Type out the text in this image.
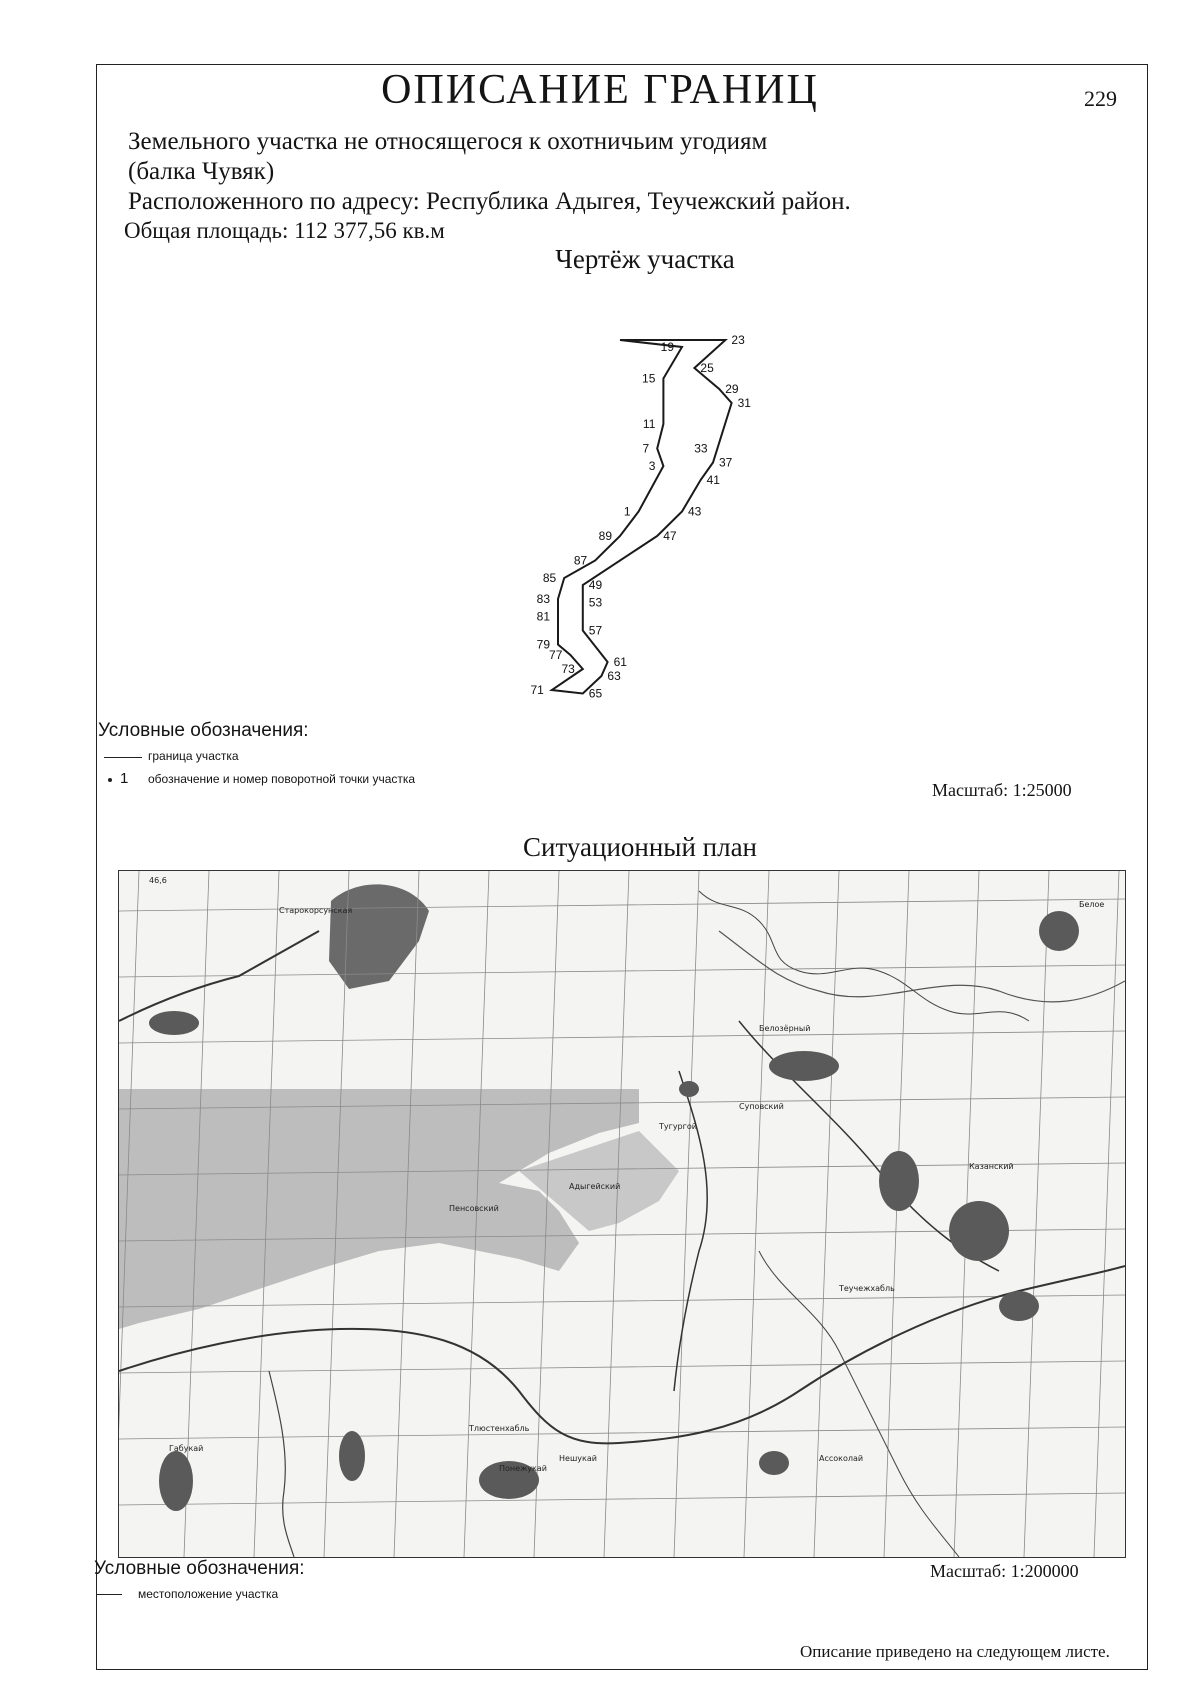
ОПИСАНИЕ ГРАНИЦ	229
Земельного участка не относящегося к охотничьим угодиям
(балка Чувяк)
Расположенного по адресу: Республика Адыгея, Теучежский район.
Общая площадь: 112 377,56 кв.м
Чертёж участка
19	23
25
15
29
31
11
33
7
37
3
41
43
1
47
89
87
85	49
83	53
81
57
79
77	61
73	63
71	65
Условные обозначения:
граница участка
1 обозначение и номер поворотной точки участка
Масштаб: 1:25000
Ситуационный план
Старокорсунская
Белозёрный
Суповский
Тугургой
Адыгейский
Пенсовский
Понежукай
Казанский
Теучежхабль
Габукай
Тлюстенхабль
Нешукай	Ассоколай
Белое
46,6
Условные обозначения:
местоположение участка
Масштаб: 1:200000
Описание приведено на следующем листе.
